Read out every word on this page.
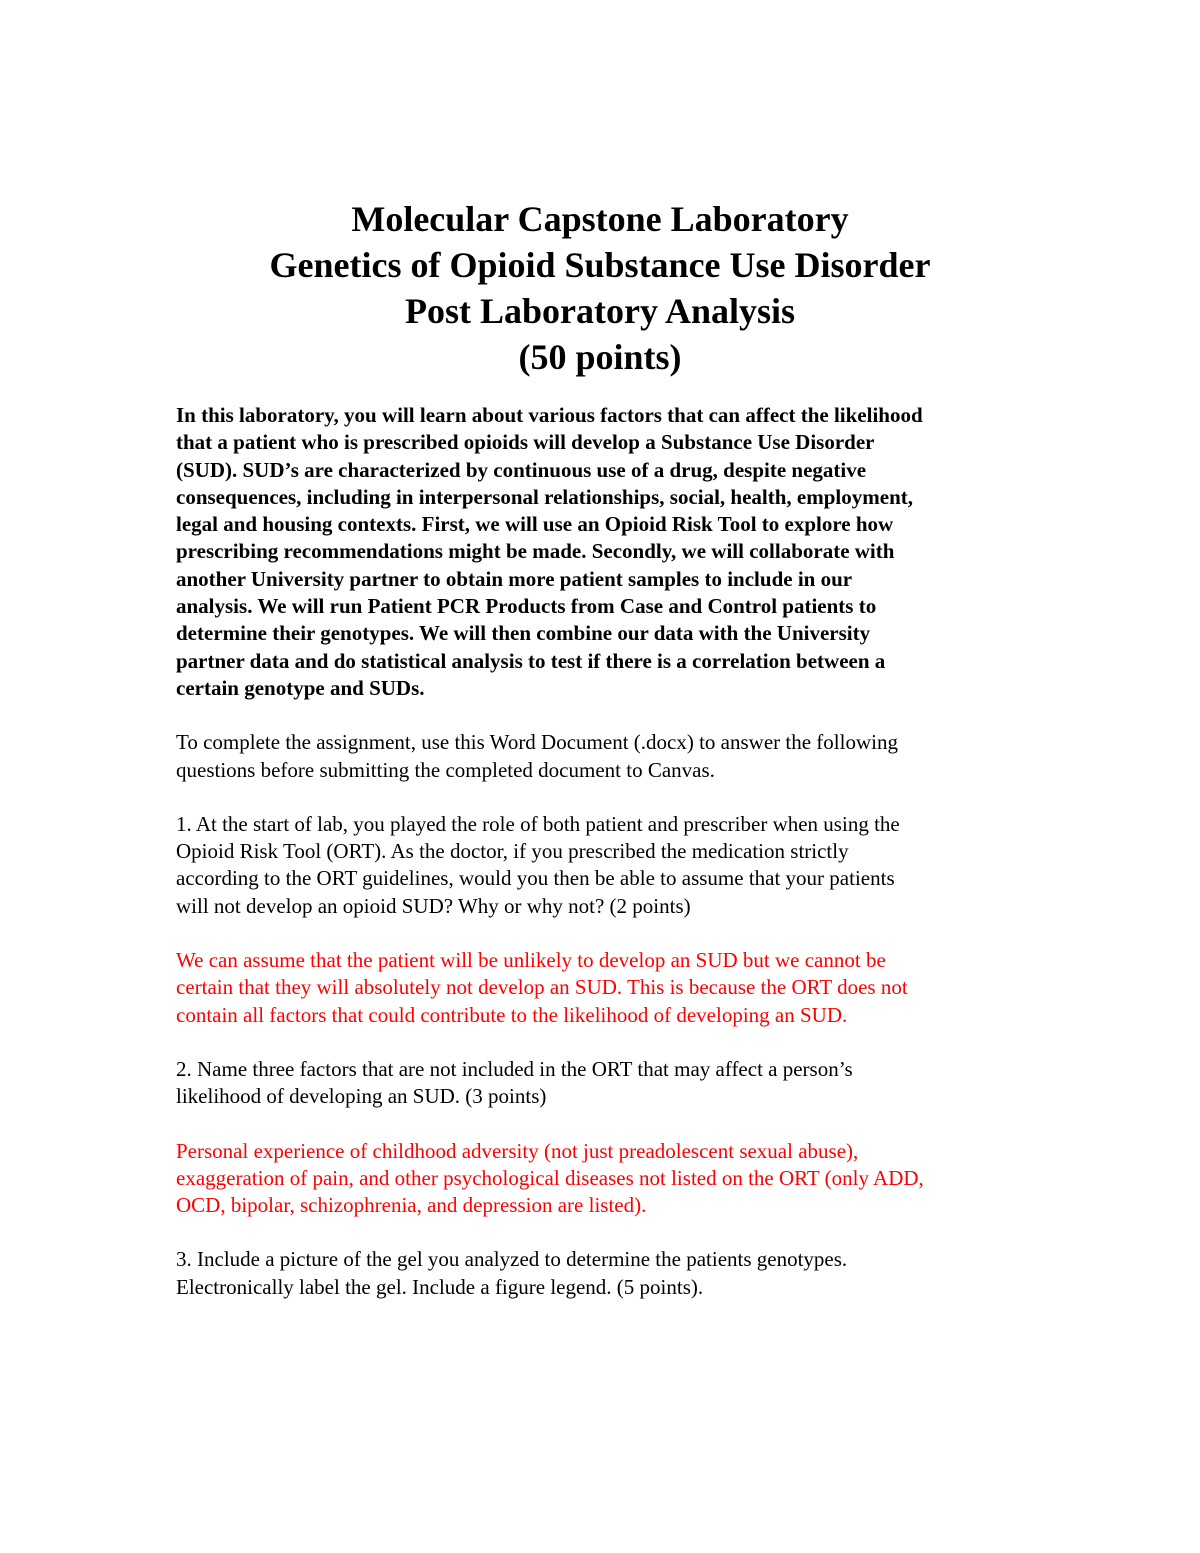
Molecular Capstone Laboratory
Genetics of Opioid Substance Use Disorder
Post Laboratory Analysis
(50 points)

In this laboratory, you will learn about various factors that can affect the likelihood
that a patient who is prescribed opioids will develop a Substance Use Disorder
(SUD). SUD’s are characterized by continuous use of a drug, despite negative
consequences, including in interpersonal relationships, social, health, employment,
legal and housing contexts. First, we will use an Opioid Risk Tool to explore how
prescribing recommendations might be made. Secondly, we will collaborate with
another University partner to obtain more patient samples to include in our
analysis. We will run Patient PCR Products from Case and Control patients to
determine their genotypes. We will then combine our data with the University
partner data and do statistical analysis to test if there is a correlation between a
certain genotype and SUDs.

To complete the assignment, use this Word Document (.docx) to answer the following
questions before submitting the completed document to Canvas.

1. At the start of lab, you played the role of both patient and prescriber when using the
Opioid Risk Tool (ORT). As the doctor, if you prescribed the medication strictly
according to the ORT guidelines, would you then be able to assume that your patients
will not develop an opioid SUD? Why or why not? (2 points)

We can assume that the patient will be unlikely to develop an SUD but we cannot be
certain that they will absolutely not develop an SUD. This is because the ORT does not
contain all factors that could contribute to the likelihood of developing an SUD.

2. Name three factors that are not included in the ORT that may affect a person’s
likelihood of developing an SUD. (3 points)

Personal experience of childhood adversity (not just preadolescent sexual abuse),
exaggeration of pain, and other psychological diseases not listed on the ORT (only ADD,
OCD, bipolar, schizophrenia, and depression are listed).

3. Include a picture of the gel you analyzed to determine the patients genotypes.
Electronically label the gel. Include a figure legend. (5 points).
